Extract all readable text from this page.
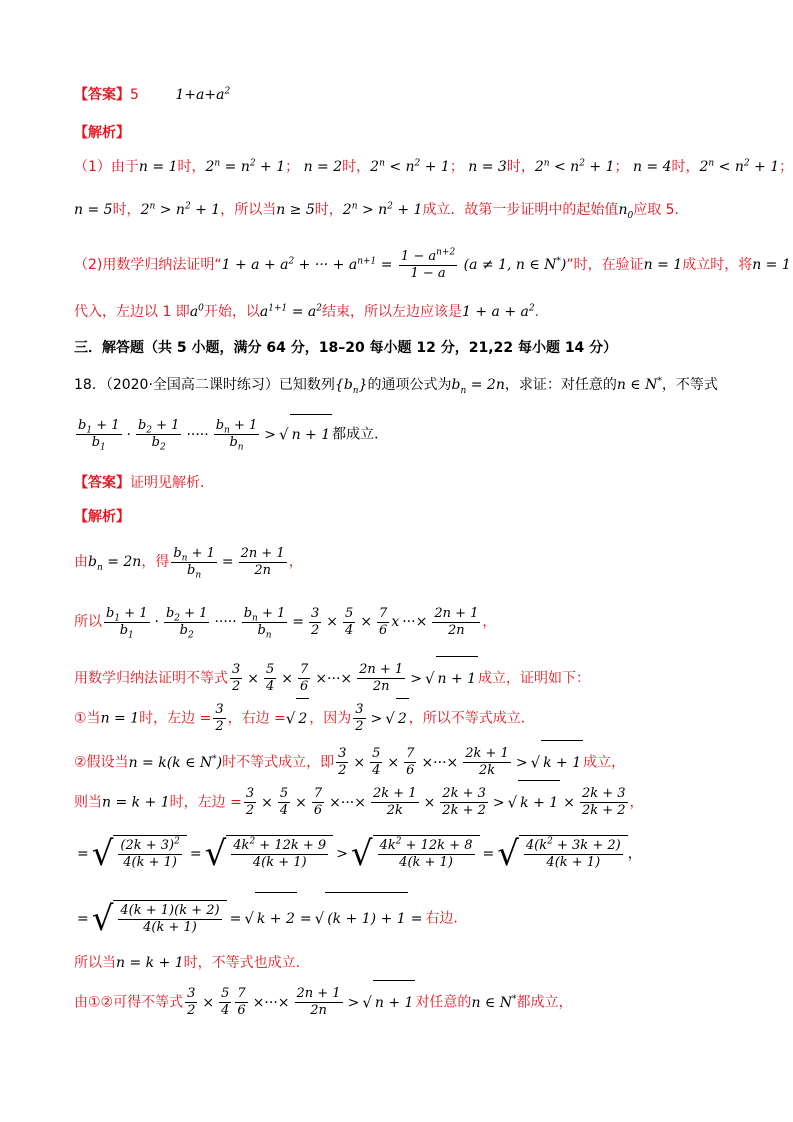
【答案】5	$1+a+a^2$
【解析】
（1）由于n = 1时，$2^n = n^2 + 1$； n = 2时，$2^n < n^2 + 1$； n = 3时，$2^n < n^2 + 1$； n = 4时，$2^n < n^2 + 1$；
n = 5时，$2^n > n^2 + 1$，所以当n ≥ 5时，$2^n > n^2 + 1$成立．故第一步证明中的起始值$n_0$应取 5．
（2)用数学归纳法证明“$1 + a + a^2$ + ··· + $a^{n+1} = \frac{1 - a^{n+2}}{1 - a} (a \ne 1$, n ∈ N*)”时，在验证n = 1成立时，将n = 1
代入，左边以 1 即$a^0$开始，以$a^{1+1} = a^2$结束，所以左边应该是$1 + a + a^2$．
三．解答题（共 5 小题，满分 64 分，18–20 每小题 12 分，21,22 每小题 14 分）
18．（2020·全国高二课时练习）已知数列$\{b_n\}$的通项公式为$b_n = 2n$，求证：对任意的n ∈ N*，不等式
$\frac{b_1 + 1}{b_1} \cdot \frac{b_2 + 1}{b_2}$ ····· $\frac{b_n + 1}{b_n}$ > √ n + 1 都成立．
【答案】证明见解析.
【解析】
由$b_n = 2n$，得 $\frac{b_n + 1}{b_n} = \frac{2n + 1}{2n}$ ，
所以 $\frac{b_1 + 1}{b_1} \cdot \frac{b_2 + 1}{b_2}$ ····· $\frac{b_n + 1}{b_n} = \frac{3}{2} \times \frac{5}{4} \times \frac{7}{6}$ x ···× $\frac{2n + 1}{2n}$ ，
用数学归纳法证明不等式 $\frac{3}{2} \times \frac{5}{4} \times \frac{7}{6}$ ×···× $\frac{2n + 1}{2n}$ > √ n + 1 成立，证明如下：
①当n = 1时，左边 = $\frac{3}{2}$ ，右边 =√ 2 ，因为 $\frac{3}{2}$ > √ 2 ，所以不等式成立．
②假设当n = k(k ∈ N*)时不等式成立，即 $\frac{3}{2} \times \frac{5}{4} \times \frac{7}{6}$ ×···× $\frac{2k + 1}{2k}$ > √ k + 1 成立，
则当n = k + 1时，左边 = $\frac{3}{2} \times \frac{5}{4} \times \frac{7}{6}$ ×···× $\frac{2k + 1}{2k} \times \frac{2k + 3}{2k + 2}$ > √ $k + 1 \times \frac{2k + 3}{2k + 2}$ ，
= √ $\frac{(2k + 3)^2}{4(k + 1)}$ = √ $\frac{4k^2 + 12k + 9}{4(k + 1)}$ > √ $\frac{4k^2 + 12k + 8}{4(k + 1)}$ = √ $\frac{4(k^2 + 3k + 2)}{4(k + 1)}$ ，
= √ $\frac{4(k + 1)(k + 2)}{4(k + 1)}$ = √ k + 2 = √ (k + 1) + 1 = 右边．
所以当n = k + 1时，不等式也成立．
由①②可得不等式 $\frac{3}{2} \times \frac{5}{4} \frac{7}{6}$ ×···× $\frac{2n + 1}{2n}$ > √ n + 1 对任意的n ∈ N*都成立，
